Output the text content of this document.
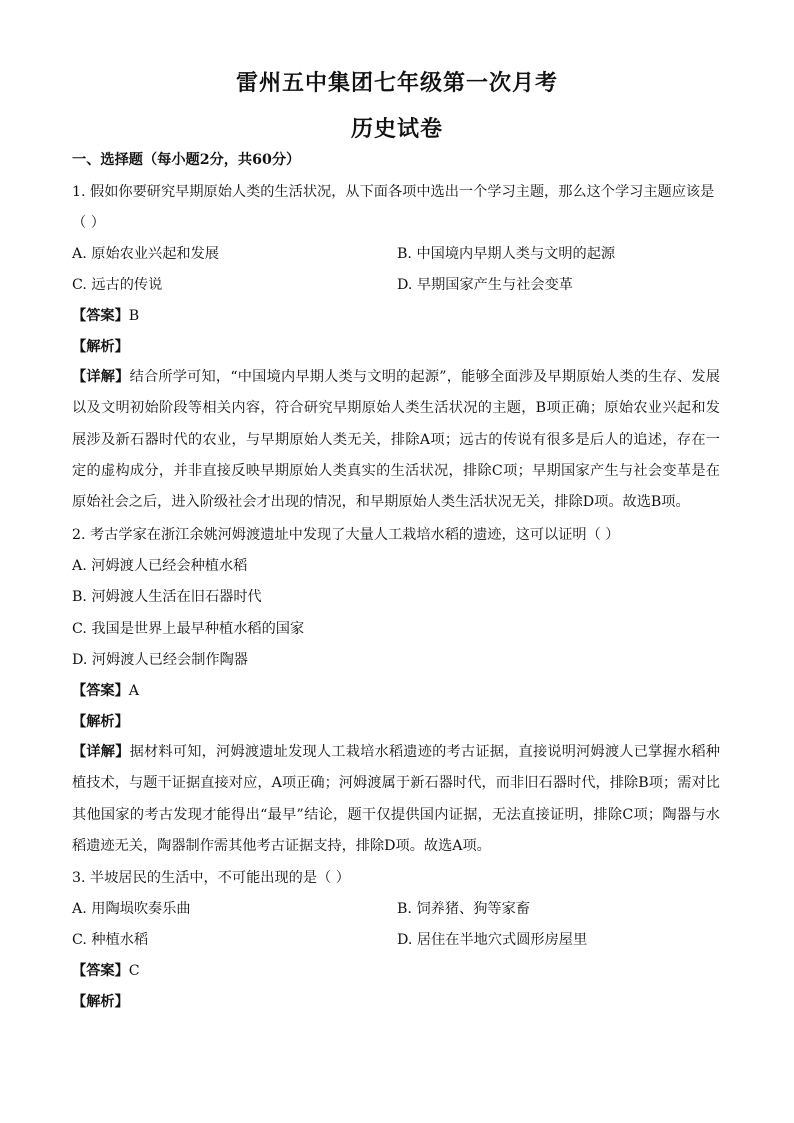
雷州五中集团七年级第一次月考
历史试卷
一、选择题（每小题2分，共60分）
1. 假如你要研究早期原始人类的生活状况，从下面各项中选出一个学习主题，那么这个学习主题应该是
（ ）
A. 原始农业兴起和发展	B. 中国境内早期人类与文明的起源
C. 远古的传说	D. 早期国家产生与社会变革
【答案】B
【解析】
【详解】结合所学可知，“中国境内早期人类与文明的起源”，能够全面涉及早期原始人类的生存、发展以及文明初始阶段等相关内容，符合研究早期原始人类生活状况的主题，B项正确；原始农业兴起和发展涉及新石器时代的农业，与早期原始人类无关，排除A项；远古的传说有很多是后人的追述，存在一定的虚构成分，并非直接反映早期原始人类真实的生活状况，排除C项；早期国家产生与社会变革是在原始社会之后，进入阶级社会才出现的情况，和早期原始人类生活状况无关，排除D项。故选B项。
2. 考古学家在浙江余姚河姆渡遗址中发现了大量人工栽培水稻的遗迹，这可以证明（ ）
A. 河姆渡人已经会种植水稻
B. 河姆渡人生活在旧石器时代
C. 我国是世界上最早种植水稻的国家
D. 河姆渡人已经会制作陶器
【答案】A
【解析】
【详解】据材料可知，河姆渡遗址发现人工栽培水稻遗迹的考古证据，直接说明河姆渡人已掌握水稻种植技术，与题干证据直接对应，A项正确；河姆渡属于新石器时代，而非旧石器时代，排除B项；需对比其他国家的考古发现才能得出“最早”结论，题干仅提供国内证据，无法直接证明，排除C项；陶器与水稻遗迹无关，陶器制作需其他考古证据支持，排除D项。故选A项。
3. 半坡居民的生活中，不可能出现的是（ ）
A. 用陶埙吹奏乐曲	B. 饲养猪、狗等家畜
C. 种植水稻	D. 居住在半地穴式圆形房屋里
【答案】C
【解析】
